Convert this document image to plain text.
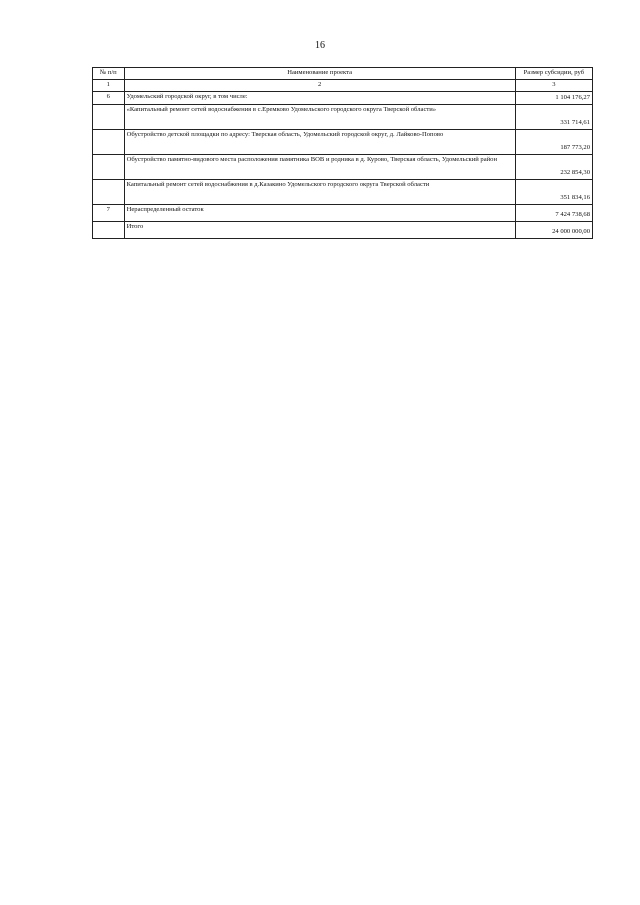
16
№ п/п	Наименование проекта	Размер субсидии, руб
1	2	3
6	Удомельский городской округ, в том числе:	1 104 176,27
	«Капитальный ремонт сетей водоснабжения в с.Еремково Удомельского городского округа Тверской области»	331 714,61
	Обустройство детской площадки по адресу: Тверская область, Удомельский городской округ, д. Лайково-Попово	187 773,20
	Обустройство памятно-видового места расположения памятника ВОВ и родника в д. Курово, Тверская область, Удомельский район	232 854,30
	Капитальный ремонт сетей водоснабжения в д.Казакино Удомельского городского округа Тверской области	351 834,16
7	Нераспределенный остаток	7 424 738,68
	Итого	24 000 000,00
